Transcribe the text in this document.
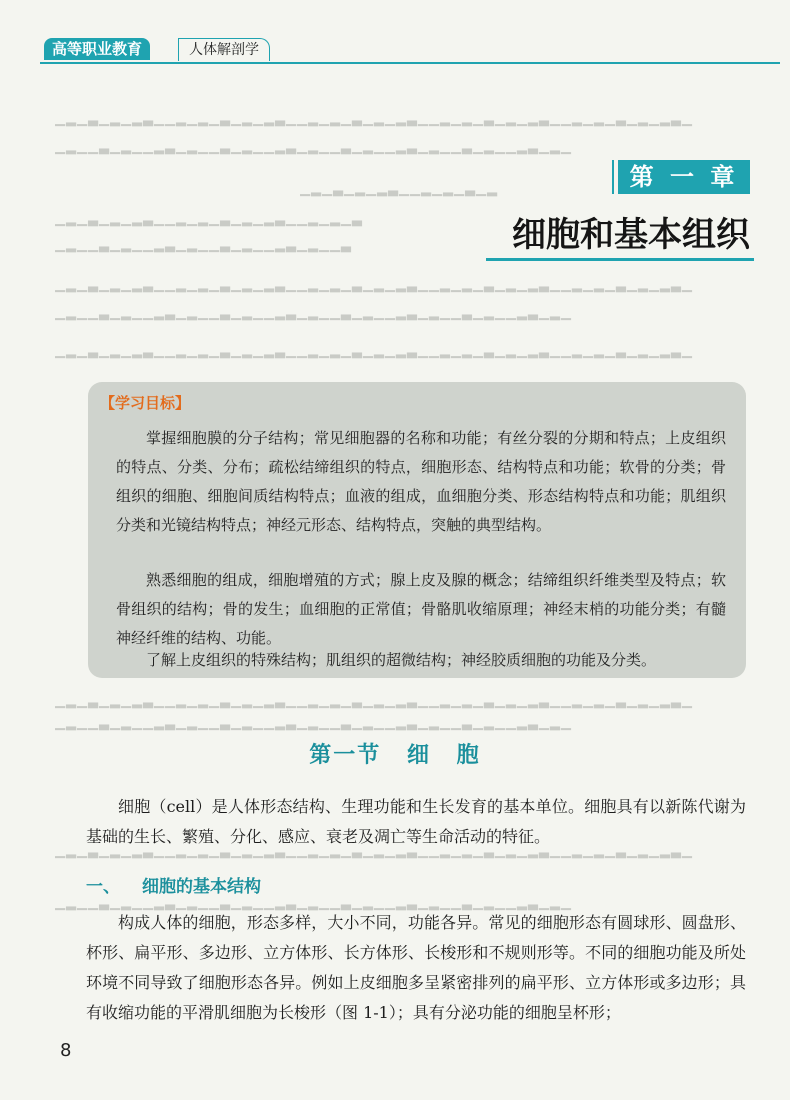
高等职业教育	人体解剖学
▁▂▁▃▁▂▁▂▃▁▁▂▁▂▁▃▁▂▁▂▃▁▁▂▁▂▁▃▁▂▁▂▃▁▁▂▁▂▁▃▁▂▁▂▃▁▁▂▁▂▁▃▁▂▁▂▃▁
▁▂▁▁▃▁▂▁▁▂▃▁▂▁▁▃▁▂▁▁▂▃▁▂▁▁▃▁▂▁▁▂▃▁▂▁▁▃▁▂▁▁▂▃▁▂▁
▁▂▁▃▁▂▁▂▃▁▁▂▁▂▁▃▁▂
▁▂▁▃▁▂▁▂▃▁▁▂▁▂▁▃▁▂▁▂▃▁▁▂▁▂▁▃
▁▂▁▁▃▁▂▁▁▂▃▁▂▁▁▃▁▂▁▁▂▃▁▂▁▁▃
▁▂▁▃▁▂▁▂▃▁▁▂▁▂▁▃▁▂▁▂▃▁▁▂▁▂▁▃▁▂▁▂▃▁▁▂▁▂▁▃▁▂▁▂▃▁▁▂▁▂▁▃▁▂▁▂▃▁
▁▂▁▁▃▁▂▁▁▂▃▁▂▁▁▃▁▂▁▁▂▃▁▂▁▁▃▁▂▁▁▂▃▁▂▁▁▃▁▂▁▁▂▃▁▂▁
▁▂▁▃▁▂▁▂▃▁▁▂▁▂▁▃▁▂▁▂▃▁▁▂▁▂▁▃▁▂▁▂▃▁▁▂▁▂▁▃▁▂▁▂▃▁▁▂▁▂▁▃▁▂▁▂▃▁
▁▂▁▃▁▂▁▂▃▁▁▂▁▂▁▃▁▂▁▂▃▁▁▂▁▂▁▃▁▂▁▂▃▁▁▂▁▂▁▃▁▂▁▂▃▁▁▂▁▂▁▃▁▂▁▂▃▁
▁▂▁▁▃▁▂▁▁▂▃▁▂▁▁▃▁▂▁▁▂▃▁▂▁▁▃▁▂▁▁▂▃▁▂▁▁▃▁▂▁▁▂▃▁▂▁
▁▂▁▃▁▂▁▂▃▁▁▂▁▂▁▃▁▂▁▂▃▁▁▂▁▂▁▃▁▂▁▂▃▁▁▂▁▂▁▃▁▂▁▂▃▁▁▂▁▂▁▃▁▂▁▂▃▁
▁▂▁▁▃▁▂▁▁▂▃▁▂▁▁▃▁▂▁▁▂▃▁▂▁▁▃▁▂▁▁▂▃▁▂▁▁▃▁▂▁▁▂▃▁▂▁
第 一 章
细胞和基本组织
【学习目标】
掌握细胞膜的分子结构；常见细胞器的名称和功能；有丝分裂的分期和特点；上皮组织的特点、分类、分布；疏松结缔组织的特点，细胞形态、结构特点和功能；软骨的分类；骨组织的细胞、细胞间质结构特点；血液的组成，血细胞分类、形态结构特点和功能；肌组织分类和光镜结构特点；神经元形态、结构特点，突触的典型结构。
熟悉细胞的组成，细胞增殖的方式；腺上皮及腺的概念；结缔组织纤维类型及特点；软骨组织的结构；骨的发生；血细胞的正常值；骨骼肌收缩原理；神经末梢的功能分类；有髓神经纤维的结构、功能。
了解上皮组织的特殊结构；肌组织的超微结构；神经胶质细胞的功能及分类。
第一节 细 胞
细胞（cell）是人体形态结构、生理功能和生长发育的基本单位。细胞具有以新陈代谢为基础的生长、繁殖、分化、感应、衰老及凋亡等生命活动的特征。
一、 细胞的基本结构
构成人体的细胞，形态多样，大小不同，功能各异。常见的细胞形态有圆球形、圆盘形、杯形、扁平形、多边形、立方体形、长方体形、长梭形和不规则形等。不同的细胞功能及所处环境不同导致了细胞形态各异。例如上皮细胞多呈紧密排列的扁平形、立方体形或多边形；具有收缩功能的平滑肌细胞为长梭形（图 1-1）；具有分泌功能的细胞呈杯形；
8
